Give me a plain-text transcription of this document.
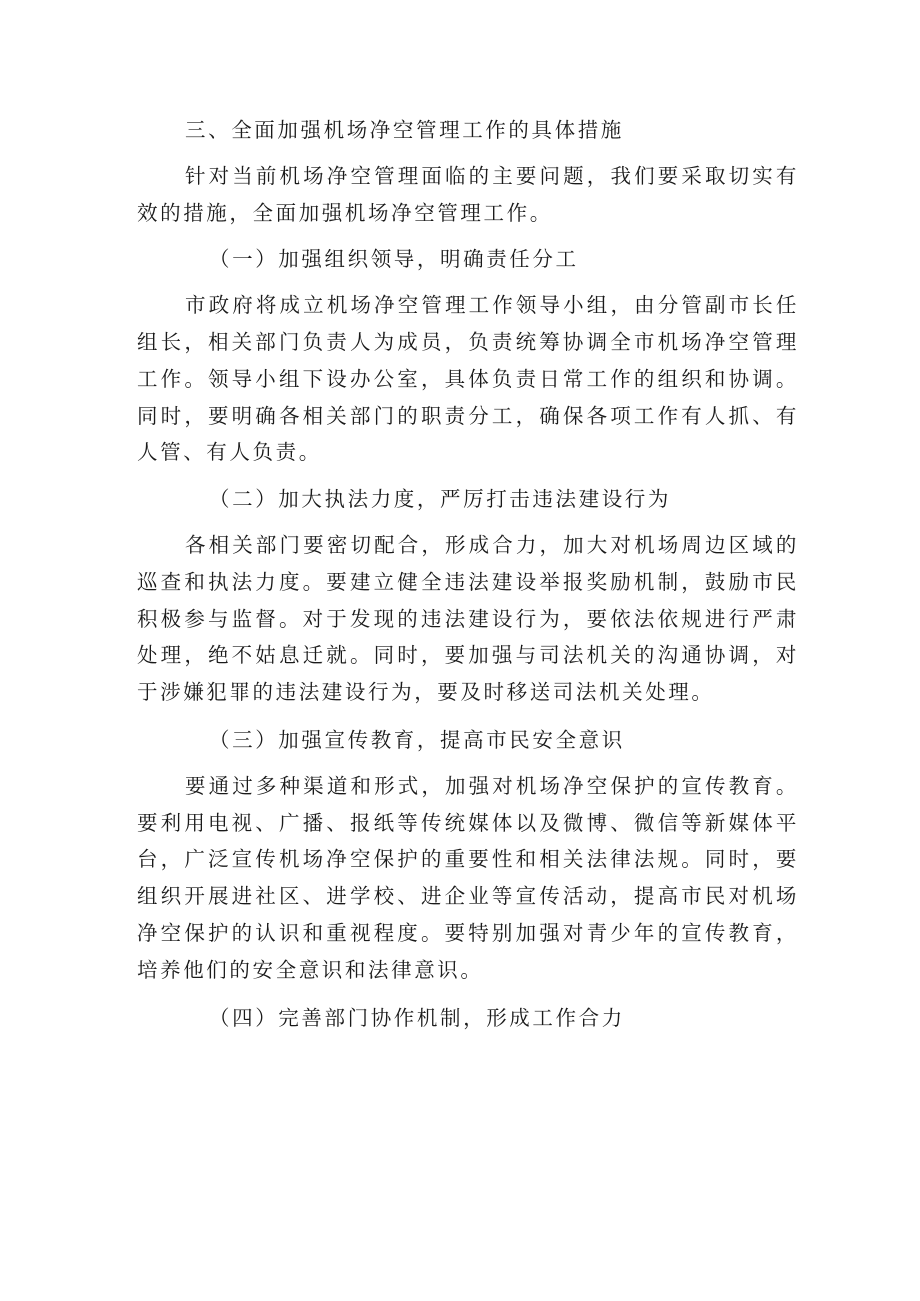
三、全面加强机场净空管理工作的具体措施

针对当前机场净空管理面临的主要问题，我们要采取切实有效的措施，全面加强机场净空管理工作。

（一）加强组织领导，明确责任分工

市政府将成立机场净空管理工作领导小组，由分管副市长任组长，相关部门负责人为成员，负责统筹协调全市机场净空管理工作。领导小组下设办公室，具体负责日常工作的组织和协调。同时，要明确各相关部门的职责分工，确保各项工作有人抓、有人管、有人负责。

（二）加大执法力度，严厉打击违法建设行为

各相关部门要密切配合，形成合力，加大对机场周边区域的巡查和执法力度。要建立健全违法建设举报奖励机制，鼓励市民积极参与监督。对于发现的违法建设行为，要依法依规进行严肃处理，绝不姑息迁就。同时，要加强与司法机关的沟通协调，对于涉嫌犯罪的违法建设行为，要及时移送司法机关处理。

（三）加强宣传教育，提高市民安全意识

要通过多种渠道和形式，加强对机场净空保护的宣传教育。要利用电视、广播、报纸等传统媒体以及微博、微信等新媒体平台，广泛宣传机场净空保护的重要性和相关法律法规。同时，要组织开展进社区、进学校、进企业等宣传活动，提高市民对机场净空保护的认识和重视程度。要特别加强对青少年的宣传教育，培养他们的安全意识和法律意识。

（四）完善部门协作机制，形成工作合力
